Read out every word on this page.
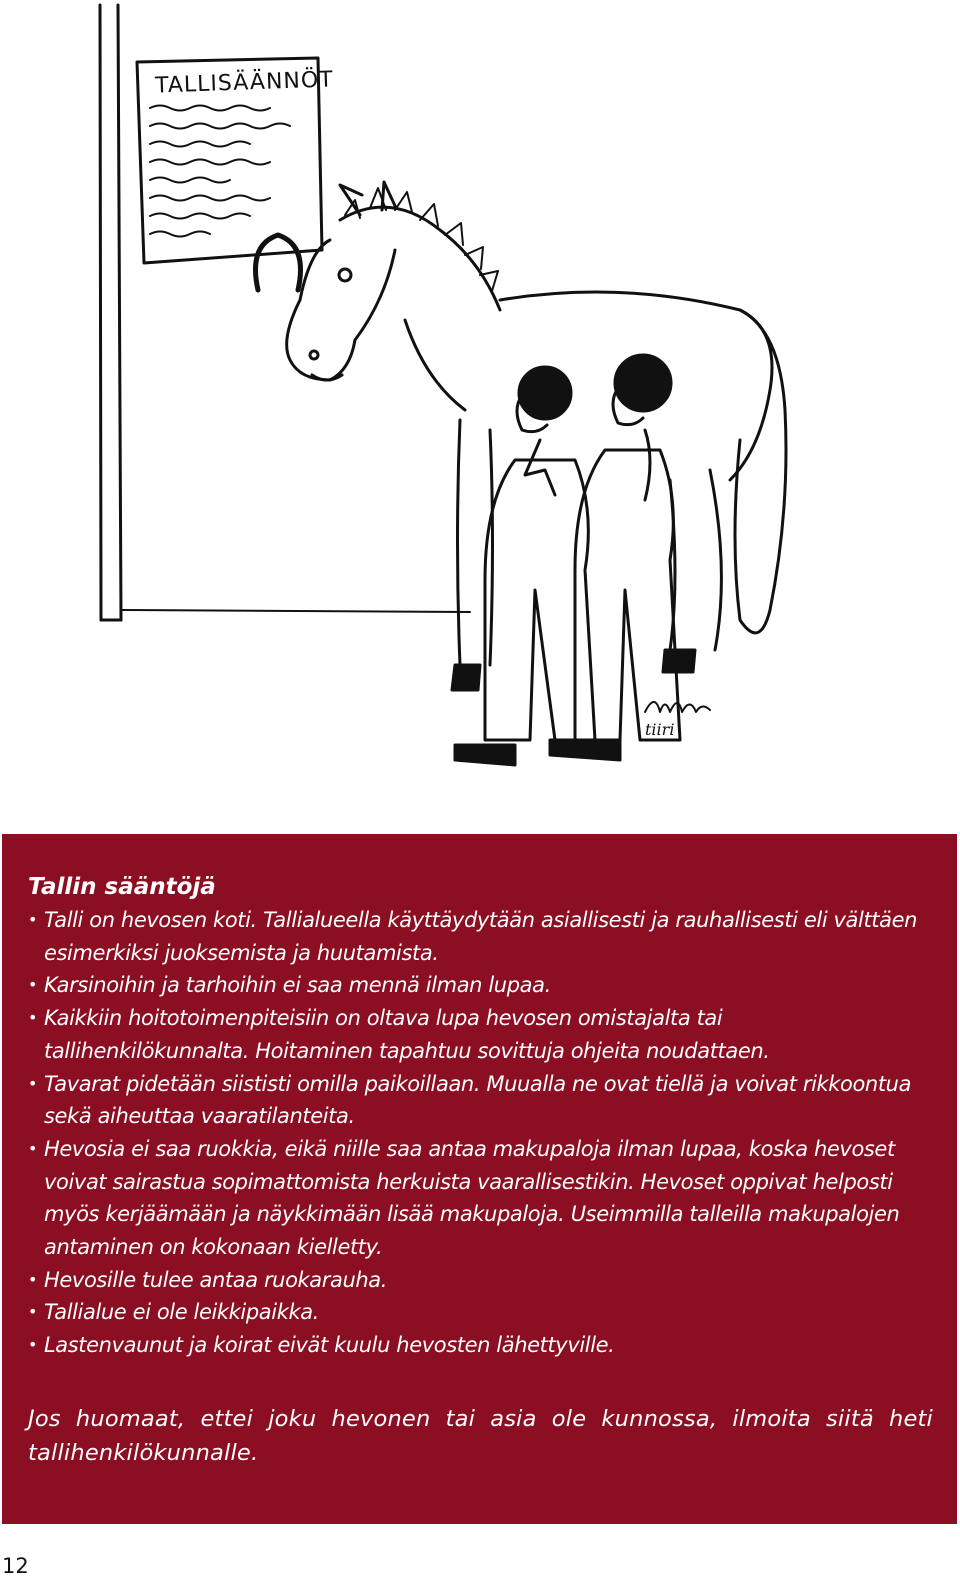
TALLISÄÄNNÖT
tiiri
Tallin sääntöjä
• Talli on hevosen koti. Tallialueella käyttäydytään asiallisesti ja rauhallisesti eli välttäen esimerkiksi juoksemista ja huutamista.
• Karsinoihin ja tarhoihin ei saa mennä ilman lupaa.
• Kaikkiin hoitotoimenpiteisiin on oltava lupa hevosen omistajalta tai tallihenkilökunnalta. Hoitaminen tapahtuu sovittuja ohjeita noudattaen.
• Tavarat pidetään siististi omilla paikoillaan. Muualla ne ovat tiellä ja voivat rikkoontua sekä aiheuttaa vaaratilanteita.
• Hevosia ei saa ruokkia, eikä niille saa antaa makupaloja ilman lupaa, koska hevoset voivat sairastua sopimattomista herkuista vaarallisestikin. Hevoset oppivat helposti myös kerjäämään ja näykkimään lisää makupaloja. Useimmilla talleilla makupalojen antaminen on kokonaan kielletty.
• Hevosille tulee antaa ruokarauha.
• Tallialue ei ole leikkipaikka.
• Lastenvaunut ja koirat eivät kuulu hevosten lähettyville.
Jos huomaat, ettei joku hevonen tai asia ole kunnossa, ilmoita siitä heti tallihenkilökunnalle.
12
